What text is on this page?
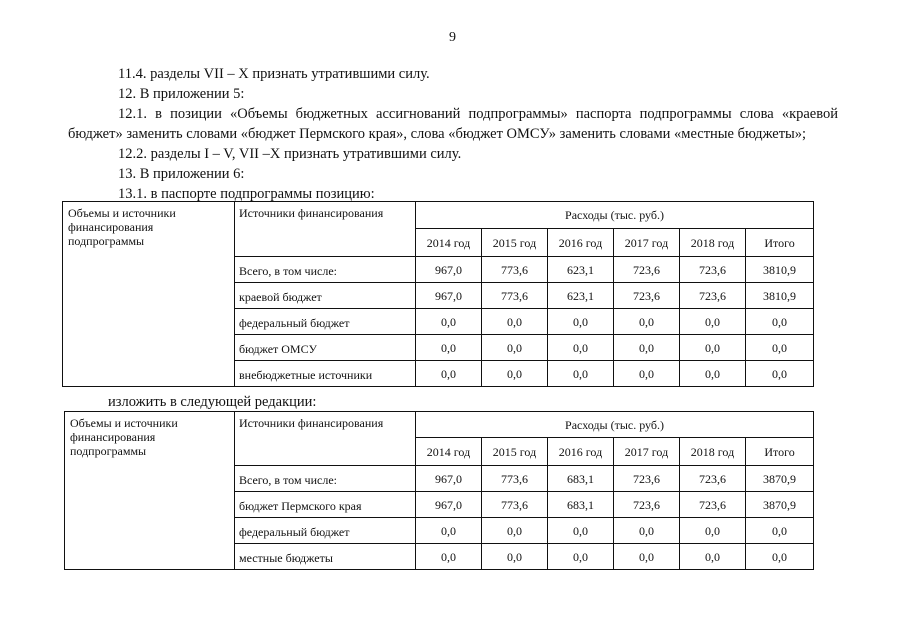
9
11.4. разделы VII – X признать утратившими силу.
12. В приложении 5:
12.1. в позиции «Объемы бюджетных ассигнований подпрограммы» паспорта подпрограммы слова «краевой бюджет» заменить словами «бюджет Пермского края», слова «бюджет ОМСУ» заменить словами «местные бюджеты»;
12.2. разделы I – V, VII –X признать утратившими силу.
13. В приложении 6:
13.1. в паспорте подпрограммы позицию:
Объемы и источники финансирования подпрограммы	Источники финансирования	Расходы (тыс. руб.)					
		2014 год	2015 год	2016 год	2017 год	2018 год	Итого
	Всего, в том числе:	967,0	773,6	623,1	723,6	723,6	3810,9
	краевой бюджет	967,0	773,6	623,1	723,6	723,6	3810,9
	федеральный бюджет	0,0	0,0	0,0	0,0	0,0	0,0
	бюджет ОМСУ	0,0	0,0	0,0	0,0	0,0	0,0
	внебюджетные источники	0,0	0,0	0,0	0,0	0,0	0,0
изложить в следующей редакции:
Объемы и источники финансирования подпрограммы	Источники финансирования	Расходы (тыс. руб.)					
		2014 год	2015 год	2016 год	2017 год	2018 год	Итого
	Всего, в том числе:	967,0	773,6	683,1	723,6	723,6	3870,9
	бюджет Пермского края	967,0	773,6	683,1	723,6	723,6	3870,9
	федеральный бюджет	0,0	0,0	0,0	0,0	0,0	0,0
	местные бюджеты	0,0	0,0	0,0	0,0	0,0	0,0
